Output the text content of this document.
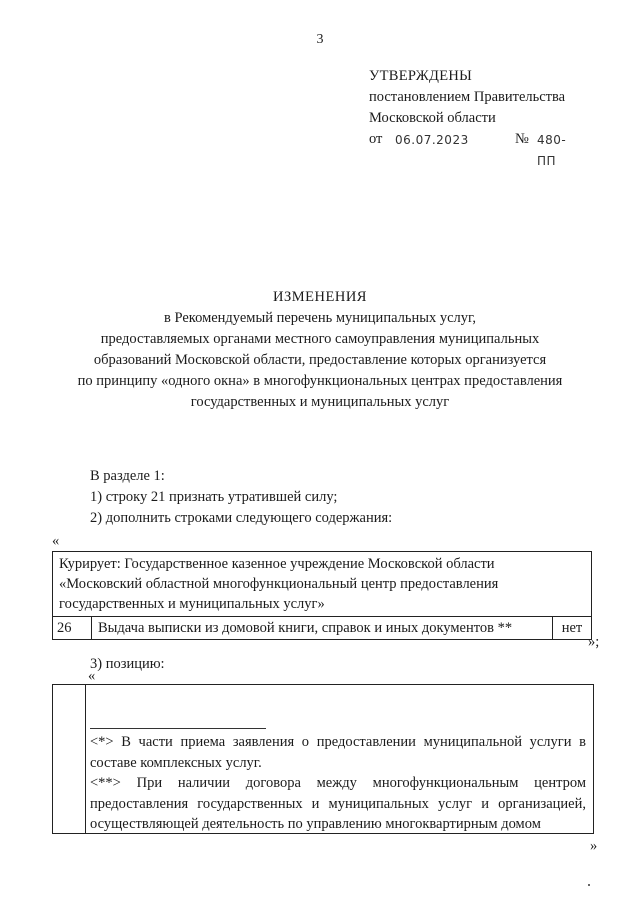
3
УТВЕРЖДЕНЫ
постановлением Правительства
Московской области
от 06.07.2023	№ 480-ПП
ИЗМЕНЕНИЯ
в Рекомендуемый перечень муниципальных услуг,
предоставляемых органами местного самоуправления муниципальных
образований Московской области, предоставление которых организуется
по принципу «одного окна» в многофункциональных центрах предоставления
государственных и муниципальных услуг
В разделе 1:
1) строку 21 признать утратившей силу;
2) дополнить строками следующего содержания:
«
Курирует: Государственное казенное учреждение Московской области
«Московский областной многофункциональный центр предоставления
государственных и муниципальных услуг»

26	Выдача выписки из домовой книги, справок и иных документов **	нет
»;
3) позицию:
«

<*> В части приема заявления о предоставлении муниципальной услуги в составе комплексных услуг.

<**> При наличии договора между многофункциональным центром предоставления государственных и муниципальных услуг и организацией, осуществляющей деятельность по управлению многоквартирным домом

»
